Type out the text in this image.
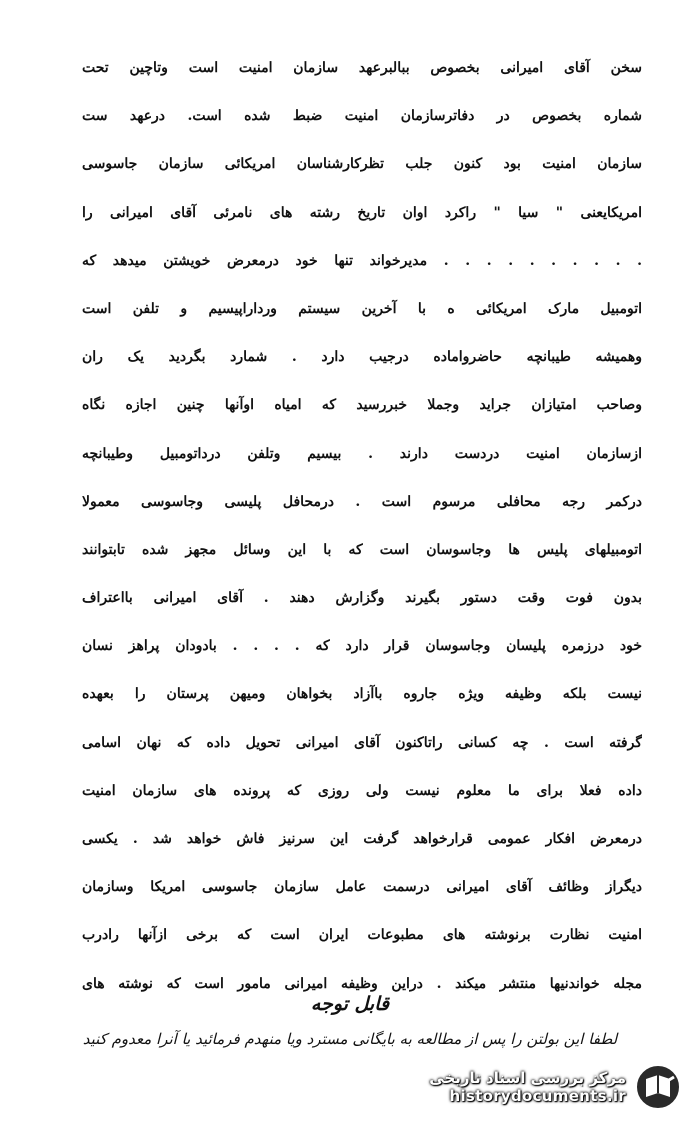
سخن آقای امیرانی بخصوص ببالبرعهد سازمان امنیت است وتاچین تحت
شماره بخصوص در دفاترسازمان امنیت ضبط شده است. درعهد ست
سازمان امنیت بود کنون جلب تظرکارشناسان امریکائی سازمان جاسوسی
امریکایعنی " سیا " راکرد اوان تاریخ رشته های نامرئی آقای امیرانی را
. . . . . . . . . . مدیرخواند تنها خود درمعرض خویشتن میدهد که
اتومبیل مارک امریکائی ه با آخرین سیستم ورداراپیسیم و تلفن است
وهمیشه طیبانچه حاضرواماده درجیب دارد . شمارد بگردید یک ران
وصاحب امتیازان جراید وجملا خبررسید که امیاه اوآنها چنین اجازه نگاه
ازسازمان امنیت دردست دارند . بیسیم وتلفن درداتومبیل وطیبانچه
درکمر رجه محافلی مرسوم است . درمحافل پلیسی وجاسوسی معمولا
اتومبیلهای پلیس ها وجاسوسان است که با این وسائل مجهز شده تابتوانند
بدون فوت وقت دستور بگیرند وگزارش دهند . آقای امیرانی بااعتراف
خود درزمره پلیسان وجاسوسان قرار دارد که . . . . بادودان پراهز نسان
نیست بلکه وظیفه ویژه جاروه باآزاد بخواهان ومیهن پرستان را بعهده
گرفته است . چه کسانی راتاکنون آقای امیرانی تحویل داده که نهان اسامی
داده فعلا برای ما معلوم نیست ولی روزی که پرونده های سازمان امنیت
درمعرض افکار عمومی قرارخواهد گرفت این سرنیز فاش خواهد شد . یکسی
دیگراز وظائف آقای امیرانی درسمت عامل سازمان جاسوسی امریکا وسازمان
امنیت نظارت برنوشته های مطبوعات ایران است که برخی ازآنها رادرب
مجله خواندنیها منتشر میکند . دراین وظیفه امیرانی مامور است که نوشته های
قابل توجه
لطفا این بولتن را پس از مطالعه به بایگانی مسترد ویا منهدم فرمائید یا آنرا معدوم کنید
مرکز بررسی اسناد تاریخی
historydocuments.ir
